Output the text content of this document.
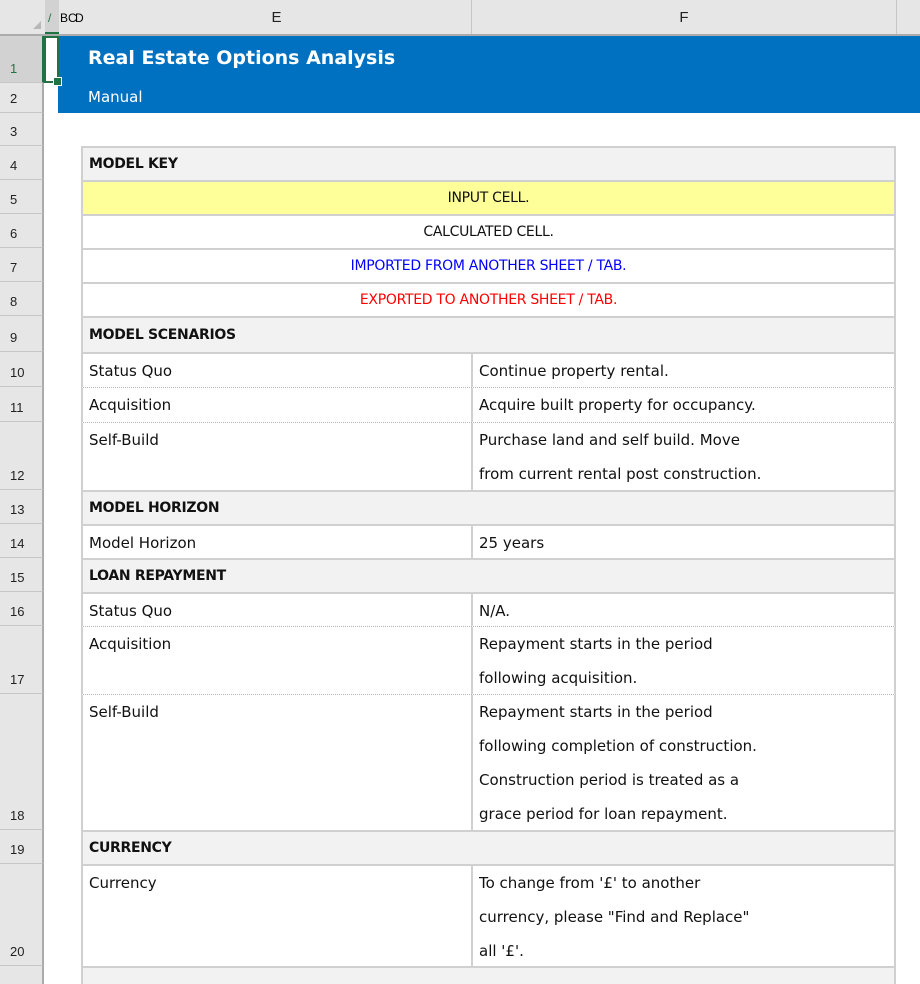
/ B C
D	E	F
1
2
3
4
5
6
7
8
9
10
11
12
13
14
15
16
17
18
19
20
Real Estate Options Analysis
Manual
MODEL KEY
INPUT CELL.
CALCULATED CELL.
IMPORTED FROM ANOTHER SHEET / TAB.
EXPORTED TO ANOTHER SHEET / TAB.
MODEL SCENARIOS
Status Quo	Continue property rental.
Acquisition	Acquire built property for occupancy.
Self-Build	Purchase land and self build. Move
from current rental post construction.
MODEL HORIZON
Model Horizon	25 years
LOAN REPAYMENT
Status Quo	N/A.
Acquisition	Repayment starts in the period
following acquisition.
Self-Build	Repayment starts in the period
following completion of construction.
Construction period is treated as a
grace period for loan repayment.
CURRENCY
Currency	To change from '£' to another
currency, please "Find and Replace"
all '£'.
